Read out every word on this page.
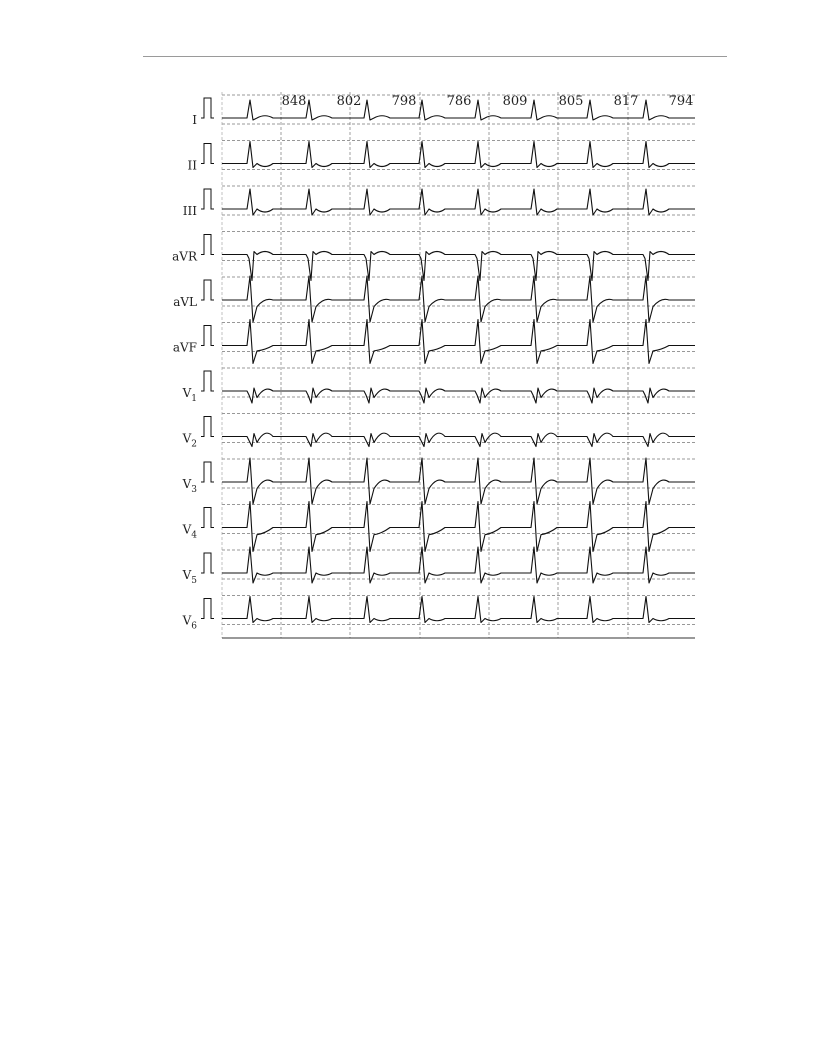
I
II
III
aVR
aVL
aVF
$V_1$
$V_2$
$V_3$
$V_4$
$V_5$
$V_6$
848 802 798 786 809 805 817 794
